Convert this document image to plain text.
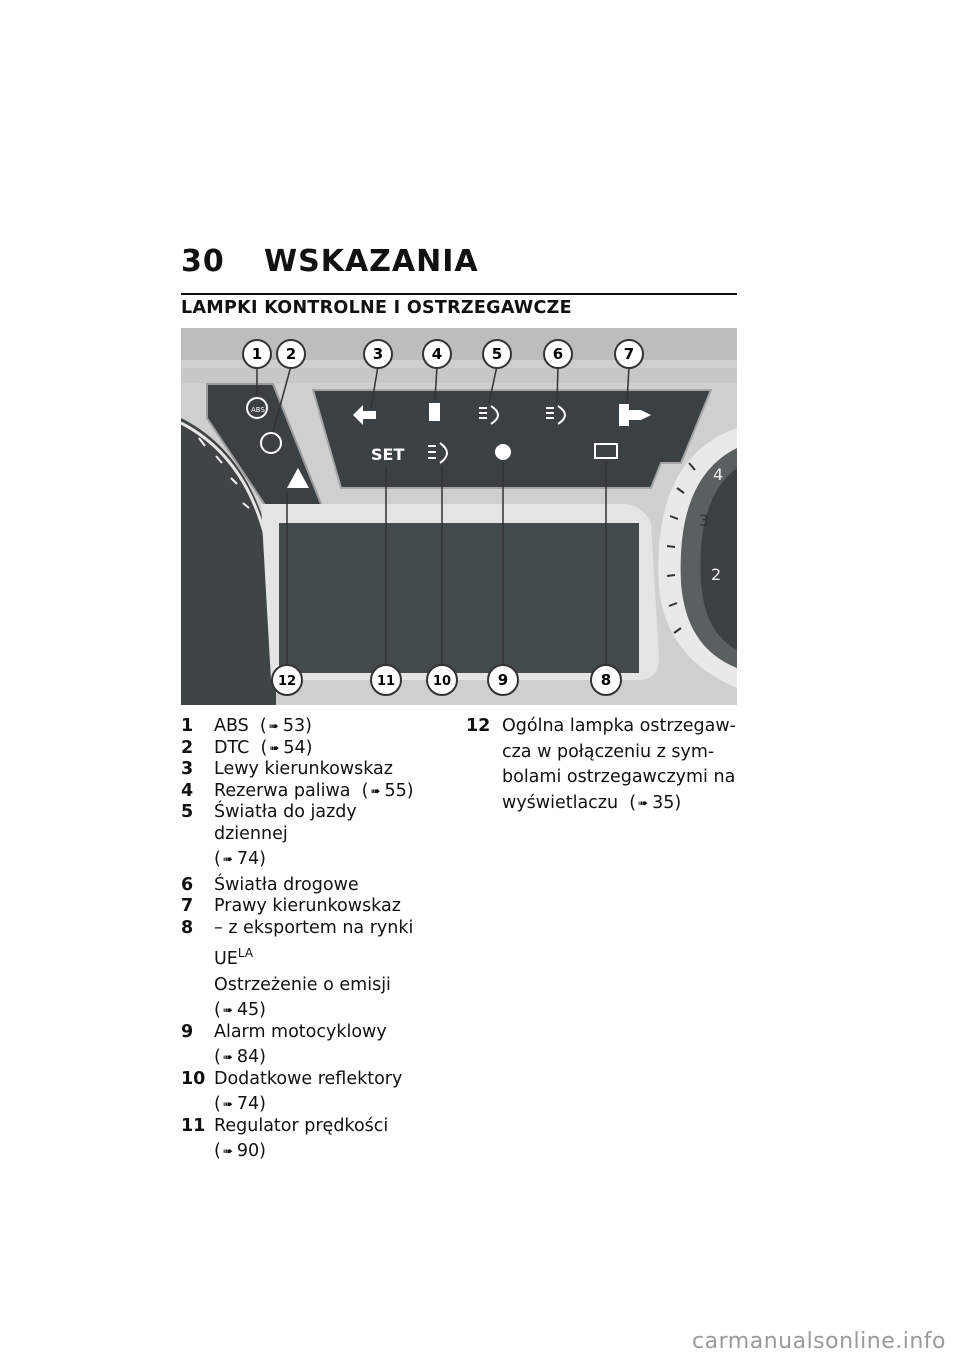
30 WSKAZANIA
LAMPKI KONTROLNE I OSTRZEGAWCZE
4
3
2
ABS
SET
1 2	3	4	5	6	7
12	11	10	9	8
1	ABS ( ➠ 53)
2	DTC ( ➠ 54)
3	Lewy kierunkowskaz
4	Rezerwa paliwa ( ➠ 55)
5	Światła do jazdy dziennej
( ➠ 74)
6	Światła drogowe
7	Prawy kierunkowskaz
8	– z eksportem na rynki
$UE^{LA}$
Ostrzeżenie o emisji
( ➠ 45)
9	Alarm motocyklowy
( ➠ 84)
10 Dodatkowe reflektory
( ➠ 74)
11 Regulator prędkości
( ➠ 90)
12 Ogólna lampka ostrzegaw-
cza w połączeniu z sym-
bolami ostrzegawczymi na
wyświetlaczu ( ➠ 35)
carmanualsonline.info
